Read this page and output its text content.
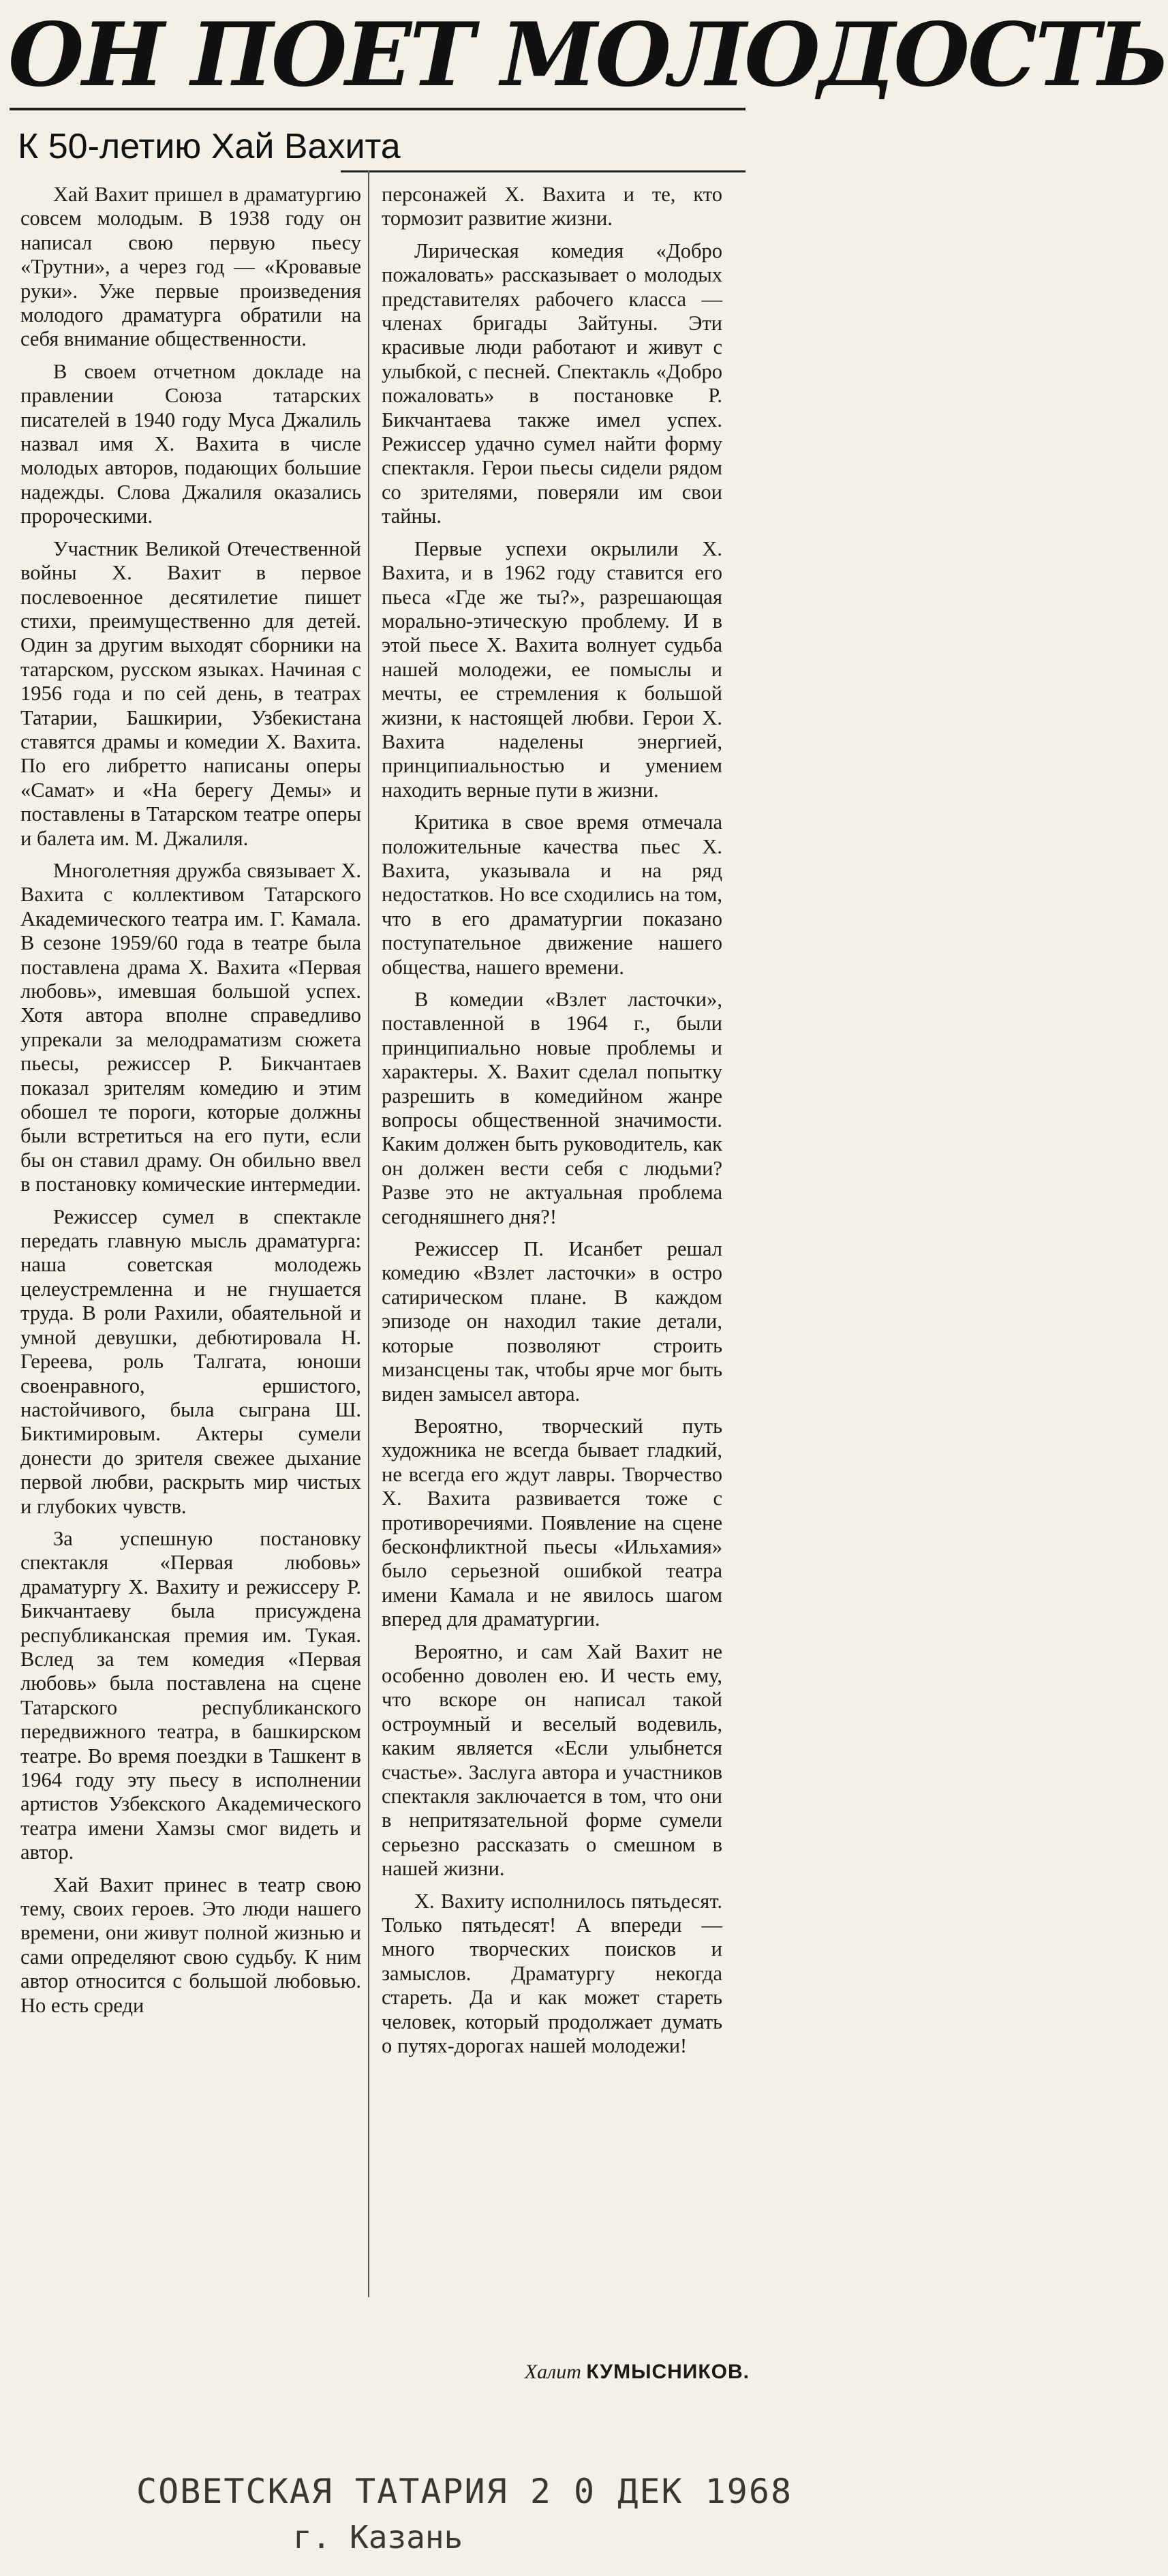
ОН ПОЕТ МОЛОДОСТЬ
К 50-летию Хай Вахита

Хай Вахит пришел в драматургию совсем молодым. В 1938 году он написал свою первую пьесу «Трутни», а через год — «Кровавые руки». Уже первые произведения молодого драматурга обратили на себя внимание общественности.

В своем отчетном докладе на правлении Союза татарских писателей в 1940 году Муса Джалиль назвал имя Х. Вахита в числе молодых авторов, подающих большие надежды. Слова Джалиля оказались пророческими.

Участник Великой Отечественной войны Х. Вахит в первое послевоенное десятилетие пишет стихи, преимущественно для детей. Один за другим выходят сборники на татарском, русском языках. Начиная с 1956 года и по сей день, в театрах Татарии, Башкирии, Узбекистана ставятся драмы и комедии Х. Вахита. По его либретто написаны оперы «Самат» и «На берегу Демы» и поставлены в Татарском театре оперы и балета им. М. Джалиля.

Многолетняя дружба связывает Х. Вахита с коллективом Татарского Академического театра им. Г. Камала. В сезоне 1959/60 года в театре была поставлена драма Х. Вахита «Первая любовь», имевшая большой успех. Хотя автора вполне справедливо упрекали за мелодраматизм сюжета пьесы, режиссер Р. Бикчантаев показал зрителям комедию и этим обошел те пороги, которые должны были встретиться на его пути, если бы он ставил драму. Он обильно ввел в постановку комические интермедии.

Режиссер сумел в спектакле передать главную мысль драматурга: наша советская молодежь целеустремленна и не гнушается труда. В роли Рахили, обаятельной и умной девушки, дебютировала Н. Гереева, роль Талгата, юноши своенравного, ершистого, настойчивого, была сыграна Ш. Биктимировым. Актеры сумели донести до зрителя свежее дыхание первой любви, раскрыть мир чистых и глубоких чувств.

За успешную постановку спектакля «Первая любовь» драматургу Х. Вахиту и режиссеру Р. Бикчантаеву была присуждена республиканская премия им. Тукая. Вслед за тем комедия «Первая любовь» была поставлена на сцене Татарского республиканского передвижного театра, в башкирском театре. Во время поездки в Ташкент в 1964 году эту пьесу в исполнении артистов Узбекского Академического театра имени Хамзы смог видеть и автор.

Хай Вахит принес в театр свою тему, своих героев. Это люди нашего времени, они живут полной жизнью и сами определяют свою судьбу. К ним автор относится с большой любовью. Но есть среди

персонажей Х. Вахита и те, кто тормозит развитие жизни.

Лирическая комедия «Добро пожаловать» рассказывает о молодых представителях рабочего класса — членах бригады Зайтуны. Эти красивые люди работают и живут с улыбкой, с песней. Спектакль «Добро пожаловать» в постановке Р. Бикчантаева также имел успех. Режиссер удачно сумел найти форму спектакля. Герои пьесы сидели рядом со зрителями, поверяли им свои тайны.

Первые успехи окрылили Х. Вахита, и в 1962 году ставится его пьеса «Где же ты?», разрешающая морально-этическую проблему. И в этой пьесе Х. Вахита волнует судьба нашей молодежи, ее помыслы и мечты, ее стремления к большой жизни, к настоящей любви. Герои Х. Вахита наделены энергией, принципиальностью и умением находить верные пути в жизни.

Критика в свое время отмечала положительные качества пьес Х. Вахита, указывала и на ряд недостатков. Но все сходились на том, что в его драматургии показано поступательное движение нашего общества, нашего времени.

В комедии «Взлет ласточки», поставленной в 1964 г., были принципиально новые проблемы и характеры. Х. Вахит сделал попытку разрешить в комедийном жанре вопросы общественной значимости. Каким должен быть руководитель, как он должен вести себя с людьми? Разве это не актуальная проблема сегодняшнего дня?!

Режиссер П. Исанбет решал комедию «Взлет ласточки» в остро сатирическом плане. В каждом эпизоде он находил такие детали, которые позволяют строить мизансцены так, чтобы ярче мог быть виден замысел автора.

Вероятно, творческий путь художника не всегда бывает гладкий, не всегда его ждут лавры. Творчество Х. Вахита развивается тоже с противоречиями. Появление на сцене бесконфликтной пьесы «Ильхамия» было серьезной ошибкой театра имени Камала и не явилось шагом вперед для драматургии.

Вероятно, и сам Хай Вахит не особенно доволен ею. И честь ему, что вскоре он написал такой остроумный и веселый водевиль, каким является «Если улыбнется счастье». Заслуга автора и участников спектакля заключается в том, что они в непритязательной форме сумели серьезно рассказать о смешном в нашей жизни.

Х. Вахиту исполнилось пятьдесят. Только пятьдесят! А впереди — много творческих поисков и замыслов. Драматургу некогда стареть. Да и как может стареть человек, который продолжает думать о путях-дорогах нашей молодежи!

Халит КУМЫСНИКОВ.
СОВЕТСКАЯ ТАТАРИЯ 2 0 ДЕК 1968
г. Казань
